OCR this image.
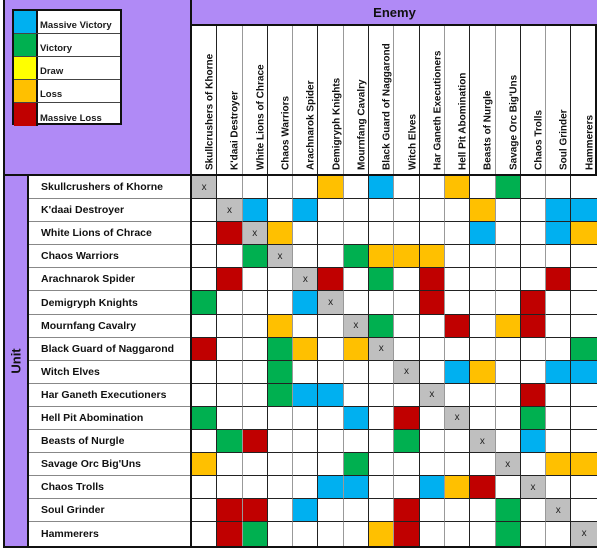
Massive Victory
Victory
Draw
Loss
Massive Loss
Enemy
Skullcrushers of Khorne K'daai Destroyer White Lions of Chrace Chaos Warriors Arachnarok Spider Demigryph Knights Mournfang Cavalry Black Guard of Naggarond Witch Elves Har Ganeth Executioners Hell Pit Abomination Beasts of Nurgle Savage Orc Big'Uns Chaos Trolls Soul Grinder Hammerers
Unit
Skullcrushers of Khorne
K'daai Destroyer
White Lions of Chrace
Chaos Warriors
Arachnarok Spider
Demigryph Knights
Mournfang Cavalry
Black Guard of Naggarond
Witch Elves
Har Ganeth Executioners
Hell Pit Abomination
Beasts of Nurgle
Savage Orc Big'Uns
Chaos Trolls
Soul Grinder
Hammerers
x
x
x
x
x
x
x
x
x
x
x
x
x
x
x
x
